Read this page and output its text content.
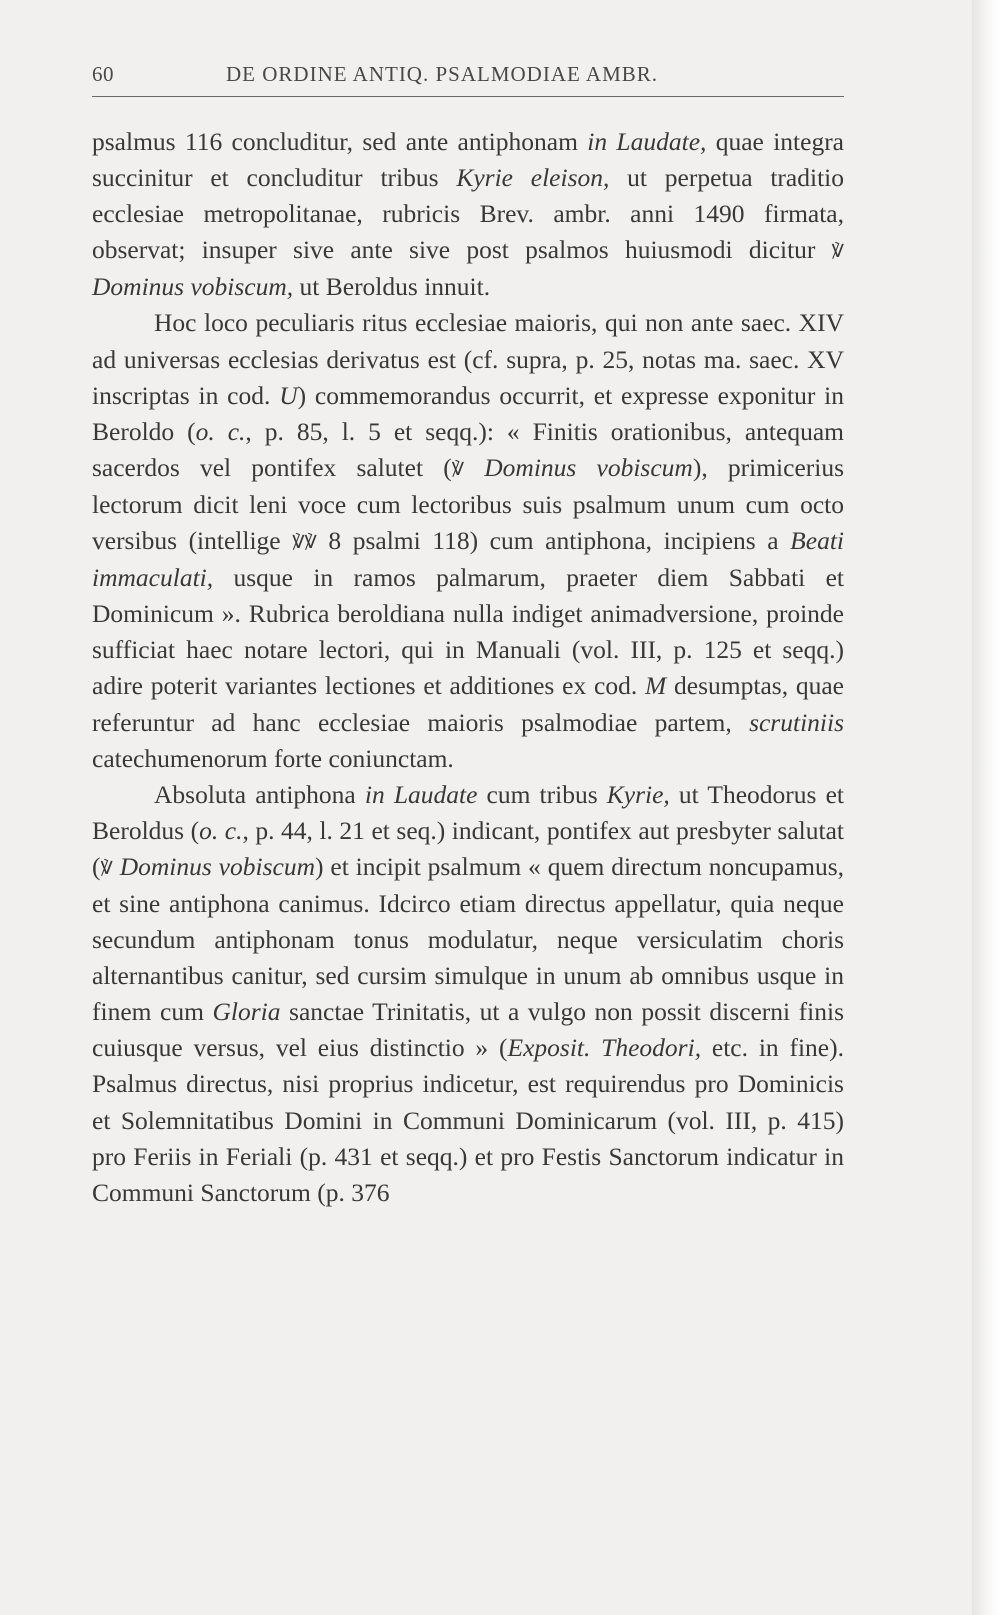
60	DE ORDINE ANTIQ. PSALMODIAE AMBR.

psalmus 116 concluditur, sed ante antiphonam in Laudate, quae integra succinitur et concluditur tribus Kyrie eleison, ut perpetua traditio ecclesiae metropolitanae, rubricis Brev. ambr. anni 1490 firmata, observat; insuper sive ante sive post psalmos huiusmodi dicitur ℣ Dominus vobiscum, ut Beroldus innuit.

Hoc loco peculiaris ritus ecclesiae maioris, qui non ante saec. XIV ad universas ecclesias derivatus est (cf. supra, p. 25, notas ma. saec. XV inscriptas in cod. U) commemorandus occurrit, et expresse exponitur in Beroldo (o. c., p. 85, l. 5 et seqq.): « Finitis orationibus, antequam sacerdos vel pontifex salutet (℣ Dominus vobiscum), primicerius lectorum dicit leni voce cum lectoribus suis psalmum unum cum octo versibus (intellige ℣℣ 8 psalmi 118) cum antiphona, incipiens a Beati immaculati, usque in ramos palmarum, praeter diem Sabbati et Dominicum ». Rubrica beroldiana nulla indiget animadversione, proinde sufficiat haec notare lectori, qui in Manuali (vol. III, p. 125 et seqq.) adire poterit variantes lectiones et additiones ex cod. M desumptas, quae referuntur ad hanc ecclesiae maioris psalmodiae partem, scrutiniis catechumenorum forte coniunctam.

Absoluta antiphona in Laudate cum tribus Kyrie, ut Theodorus et Beroldus (o. c., p. 44, l. 21 et seq.) indicant, pontifex aut presbyter salutat (℣ Dominus vobiscum) et incipit psalmum « quem directum noncupamus, et sine antiphona canimus. Idcirco etiam directus appellatur, quia neque secundum antiphonam tonus modulatur, neque versiculatim choris alternantibus canitur, sed cursim simulque in unum ab omnibus usque in finem cum Gloria sanctae Trinitatis, ut a vulgo non possit discerni finis cuiusque versus, vel eius distinctio » (Exposit. Theodori, etc. in fine). Psalmus directus, nisi proprius indicetur, est requirendus pro Dominicis et Solemnitatibus Domini in Communi Dominicarum (vol. III, p. 415) pro Feriis in Feriali (p. 431 et seqq.) et pro Festis Sanctorum indicatur in Communi Sanctorum (p. 376
